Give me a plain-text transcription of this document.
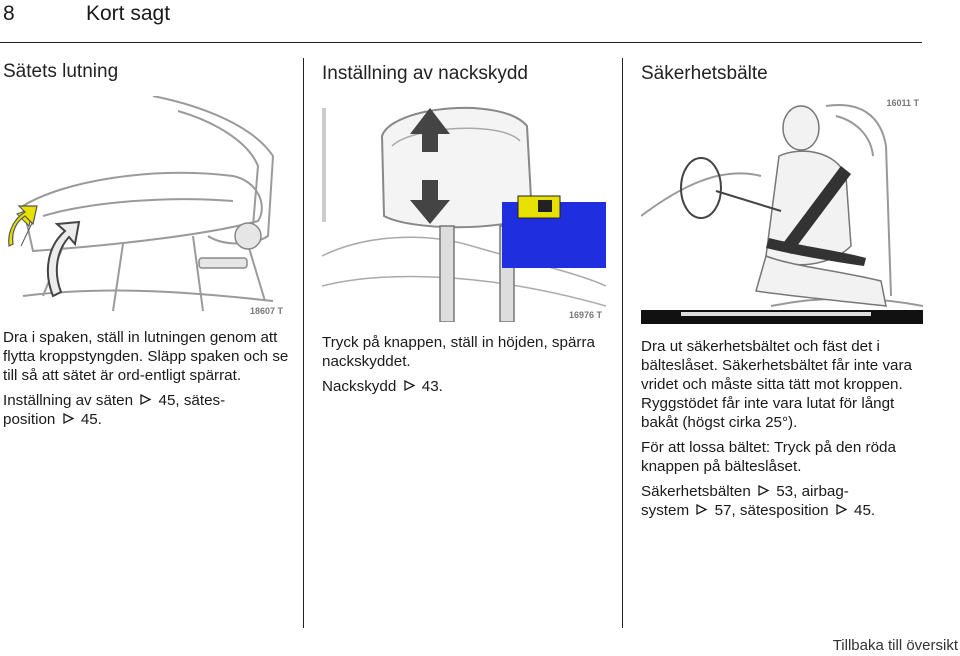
8	Kort sagt
Sätets lutning
18607 T

Dra i spaken, ställ in lutningen genom att flytta kroppstyngden. Släpp spaken och se till så att sätet är ord-entligt spärrat.

Inställning av säten 45, sätes-
position 45.

Inställning av nackskydd
16976 T

Tryck på knappen, ställ in höjden, spärra nackskyddet.

Nackskydd 43.

Säkerhetsbälte
16011 T

Dra ut säkerhetsbältet och fäst det i bälteslåset. Säkerhetsbältet får inte vara vridet och måste sitta tätt mot kroppen. Ryggstödet får inte vara lutat för långt bakåt (högst cirka 25°).

För att lossa bältet: Tryck på den röda knappen på bälteslåset.

Säkerhetsbälten 53, airbag-
system 57, sätesposition 45.

Tillbaka till översikt
